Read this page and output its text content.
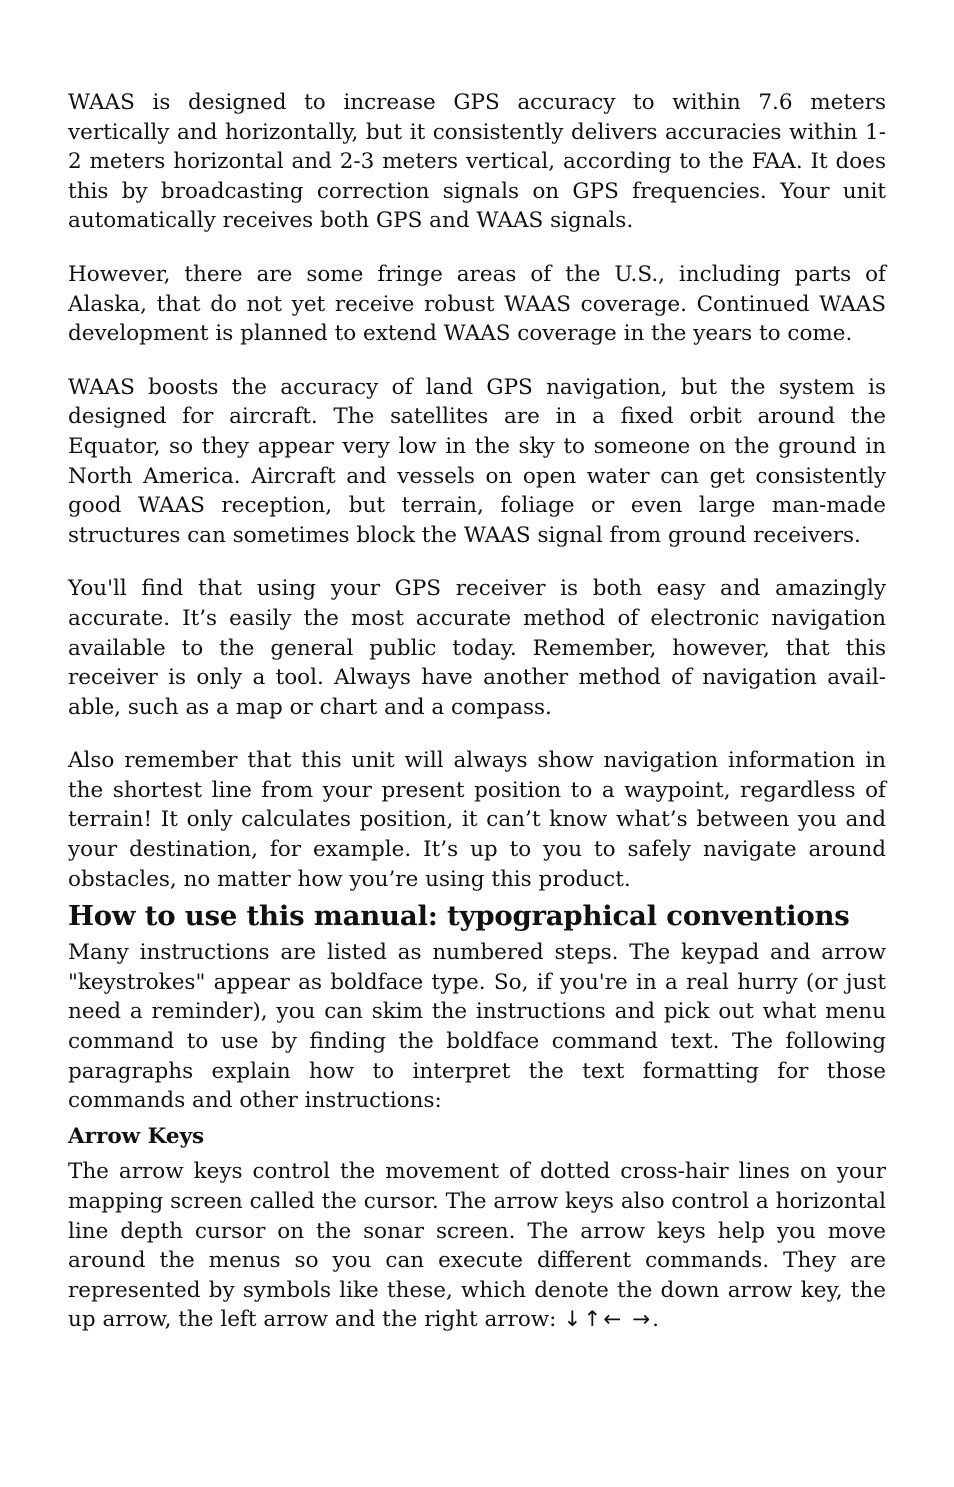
WAAS is designed to increase GPS accuracy to within 7.6 meters vertically and horizontally, but it consistently delivers accuracies within 1-2 meters horizontal and 2-3 meters vertical, according to the FAA. It does this by broadcasting correction signals on GPS frequencies. Your unit automatically receives both GPS and WAAS signals.

However, there are some fringe areas of the U.S., including parts of Alaska, that do not yet receive robust WAAS coverage. Continued WAAS development is planned to extend WAAS coverage in the years to come.

WAAS boosts the accuracy of land GPS navigation, but the system is designed for aircraft. The satellites are in a fixed orbit around the Equator, so they appear very low in the sky to someone on the ground in North America. Aircraft and vessels on open water can get consistently good WAAS reception, but terrain, foliage or even large man-made structures can sometimes block the WAAS signal from ground receivers.

You'll find that using your GPS receiver is both easy and amazingly accurate. It’s easily the most accurate method of electronic navigation available to the general public today. Remember, however, that this receiver is only a tool. Always have another method of navigation available, such as a map or chart and a compass.

Also remember that this unit will always show navigation information in the shortest line from your present position to a waypoint, regardless of terrain! It only calculates position, it can’t know what’s between you and your destination, for example. It’s up to you to safely navigate around obstacles, no matter how you’re using this product.

How to use this manual: typographical conventions

Many instructions are listed as numbered steps. The keypad and arrow "keystrokes" appear as boldface type. So, if you're in a real hurry (or just need a reminder), you can skim the instructions and pick out what menu command to use by finding the boldface command text. The following paragraphs explain how to interpret the text formatting for those commands and other instructions:

Arrow Keys

The arrow keys control the movement of dotted cross-hair lines on your mapping screen called the cursor. The arrow keys also control a horizontal line depth cursor on the sonar screen. The arrow keys help you move around the menus so you can execute different commands. They are represented by symbols like these, which denote the down arrow key, the up arrow, the left arrow and the right arrow: ↓↑← →.
